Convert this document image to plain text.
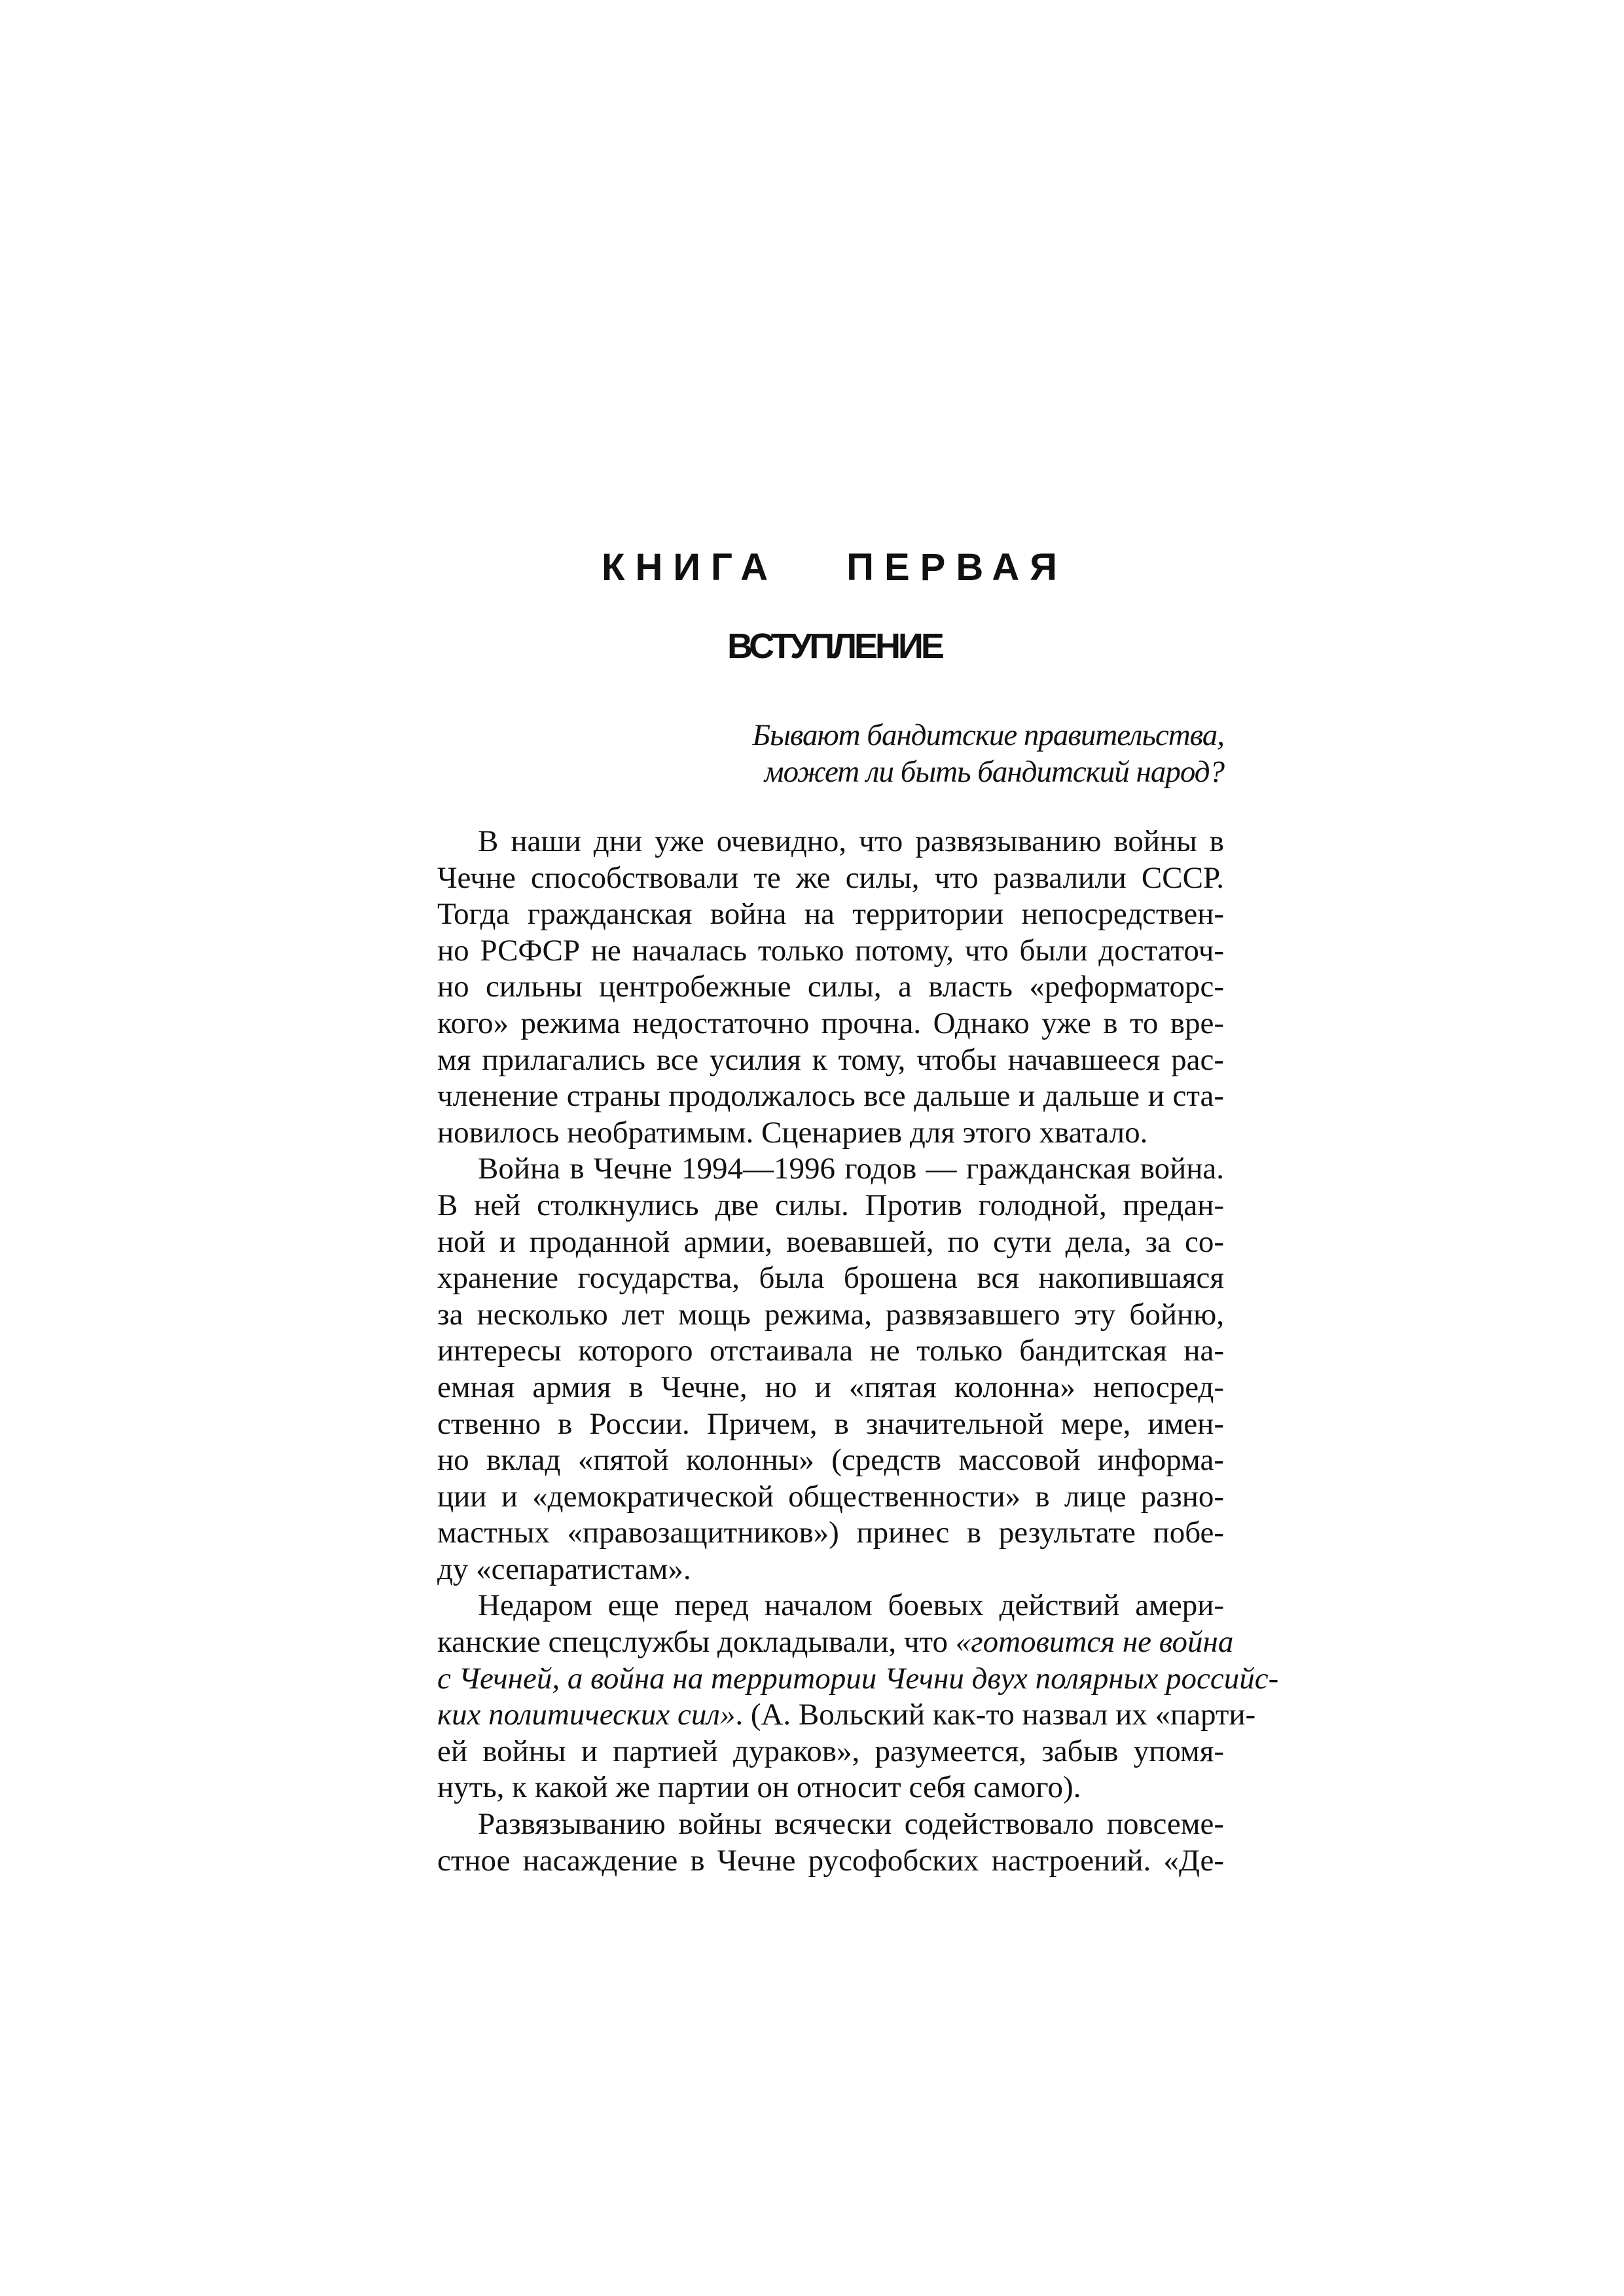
КНИГА ПЕРВАЯ
ВСТУПЛЕНИЕ
Бывают бандитские правительства,
может ли быть бандитский народ?
В наши дни уже очевидно, что развязыванию войны в
Чечне способствовали те же силы, что развалили СССР.
Тогда гражданская война на территории непосредствен-
но РСФСР не началась только потому, что были достаточ-
но сильны центробежные силы, а власть «реформаторс-
кого» режима недостаточно прочна. Однако уже в то вре-
мя прилагались все усилия к тому, чтобы начавшееся рас-
членение страны продолжалось все дальше и дальше и ста-
новилось необратимым. Сценариев для этого хватало.
Война в Чечне 1994—1996 годов — гражданская война.
В ней столкнулись две силы. Против голодной, предан-
ной и проданной армии, воевавшей, по сути дела, за со-
хранение государства, была брошена вся накопившаяся
за несколько лет мощь режима, развязавшего эту бойню,
интересы которого отстаивала не только бандитская на-
емная армия в Чечне, но и «пятая колонна» непосред-
ственно в России. Причем, в значительной мере, имен-
но вклад «пятой колонны» (средств массовой информа-
ции и «демократической общественности» в лице разно-
мастных «правозащитников») принес в результате побе-
ду «сепаратистам».
Недаром еще перед началом боевых действий амери-
канские спецслужбы докладывали, что «готовится не война
с Чечней, а война на территории Чечни двух полярных российс-
ких политических сил». (А. Вольский как-то назвал их «парти-
ей войны и партией дураков», разумеется, забыв упомя-
нуть, к какой же партии он относит себя самого).
Развязыванию войны всячески содействовало повсеме-
стное насаждение в Чечне русофобских настроений. «Де-
